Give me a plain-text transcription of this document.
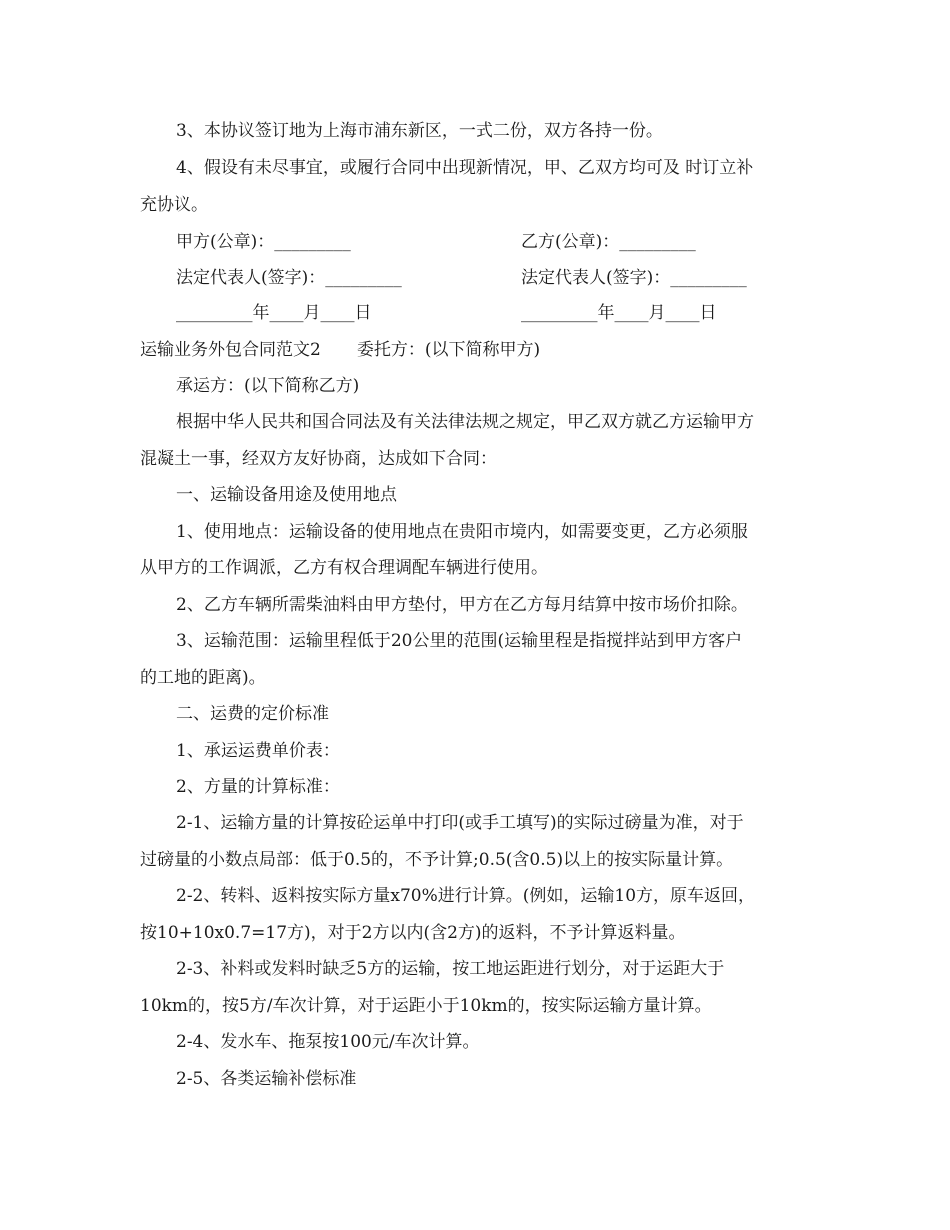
3、本协议签订地为上海市浦东新区，一式二份，双方各持一份。
4、假设有未尽事宜，或履行合同中出现新情况，甲、乙双方均可及 时订立补
充协议。
甲方(公章)：_________	乙方(公章)：_________
法定代表人(签字)：_________	法定代表人(签字)：_________
_________年____月____日	_________年____月____日
运输业务外包合同范文2 委托方：(以下简称甲方)
承运方：(以下简称乙方)
根据中华人民共和国合同法及有关法律法规之规定，甲乙双方就乙方运输甲方
混凝土一事，经双方友好协商，达成如下合同：
一、运输设备用途及使用地点
1、使用地点：运输设备的使用地点在贵阳市境内，如需要变更，乙方必须服
从甲方的工作调派，乙方有权合理调配车辆进行使用。
2、乙方车辆所需柴油料由甲方垫付，甲方在乙方每月结算中按市场价扣除。
3、运输范围：运输里程低于20公里的范围(运输里程是指搅拌站到甲方客户
的工地的距离)。
二、运费的定价标准
1、承运运费单价表：
2、方量的计算标准：
2-1、运输方量的计算按砼运单中打印(或手工填写)的实际过磅量为准，对于
过磅量的小数点局部：低于0.5的，不予计算;0.5(含0.5)以上的按实际量计算。
2-2、转料、返料按实际方量x70%进行计算。(例如，运输10方，原车返回，
按10+10x0.7=17方)，对于2方以内(含2方)的返料，不予计算返料量。
2-3、补料或发料时缺乏5方的运输，按工地运距进行划分，对于运距大于
10km的，按5方/车次计算，对于运距小于10km的，按实际运输方量计算。
2-4、发水车、拖泵按100元/车次计算。
2-5、各类运输补偿标准
